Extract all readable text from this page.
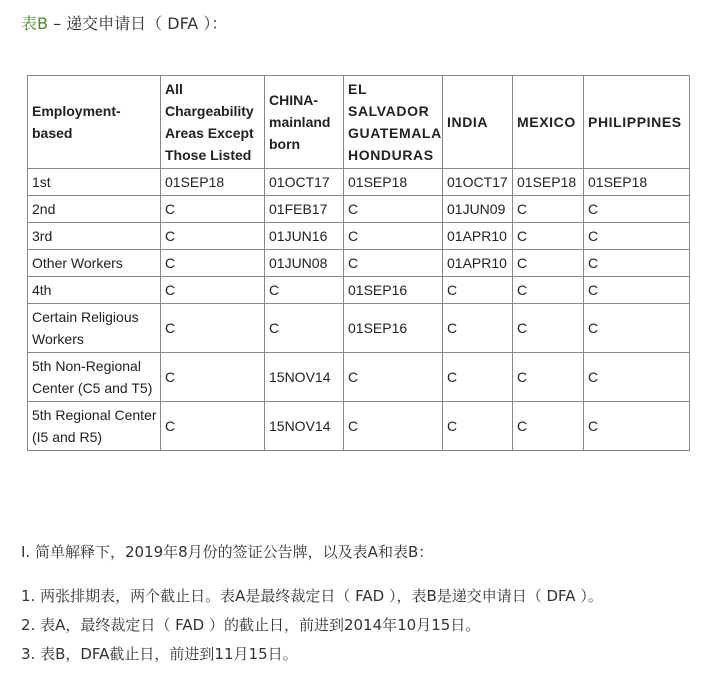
表B – 递交申请日（ DFA ）：
Employment-based	All Chargeability Areas Except Those Listed	CHINA-mainland born	EL SALVADOR GUATEMALA HONDURAS	INDIA	MEXICO	PHILIPPINES
1st	01SEP18	01OCT17	01SEP18	01OCT17	01SEP18	01SEP18
2nd	C	01FEB17	C	01JUN09	C	C
3rd	C	01JUN16	C	01APR10	C	C
Other Workers	C	01JUN08	C	01APR10	C	C
4th	C	C	01SEP16	C	C	C
Certain Religious Workers	C	C	01SEP16	C	C	C
5th Non-Regional Center (C5 and T5)	C	15NOV14	C	C	C	C
5th Regional Center (I5 and R5)	C	15NOV14	C	C	C	C

I. 简单解释下，2019年8月份的签证公告牌，以及表A和表B：

1. 两张排期表，两个截止日。表A是最终裁定日（ FAD ），表B是递交申请日（ DFA ）。

2. 表A，最终裁定日（ FAD ）的截止日，前进到2014年10月15日。

3. 表B，DFA截止日，前进到11月15日。
